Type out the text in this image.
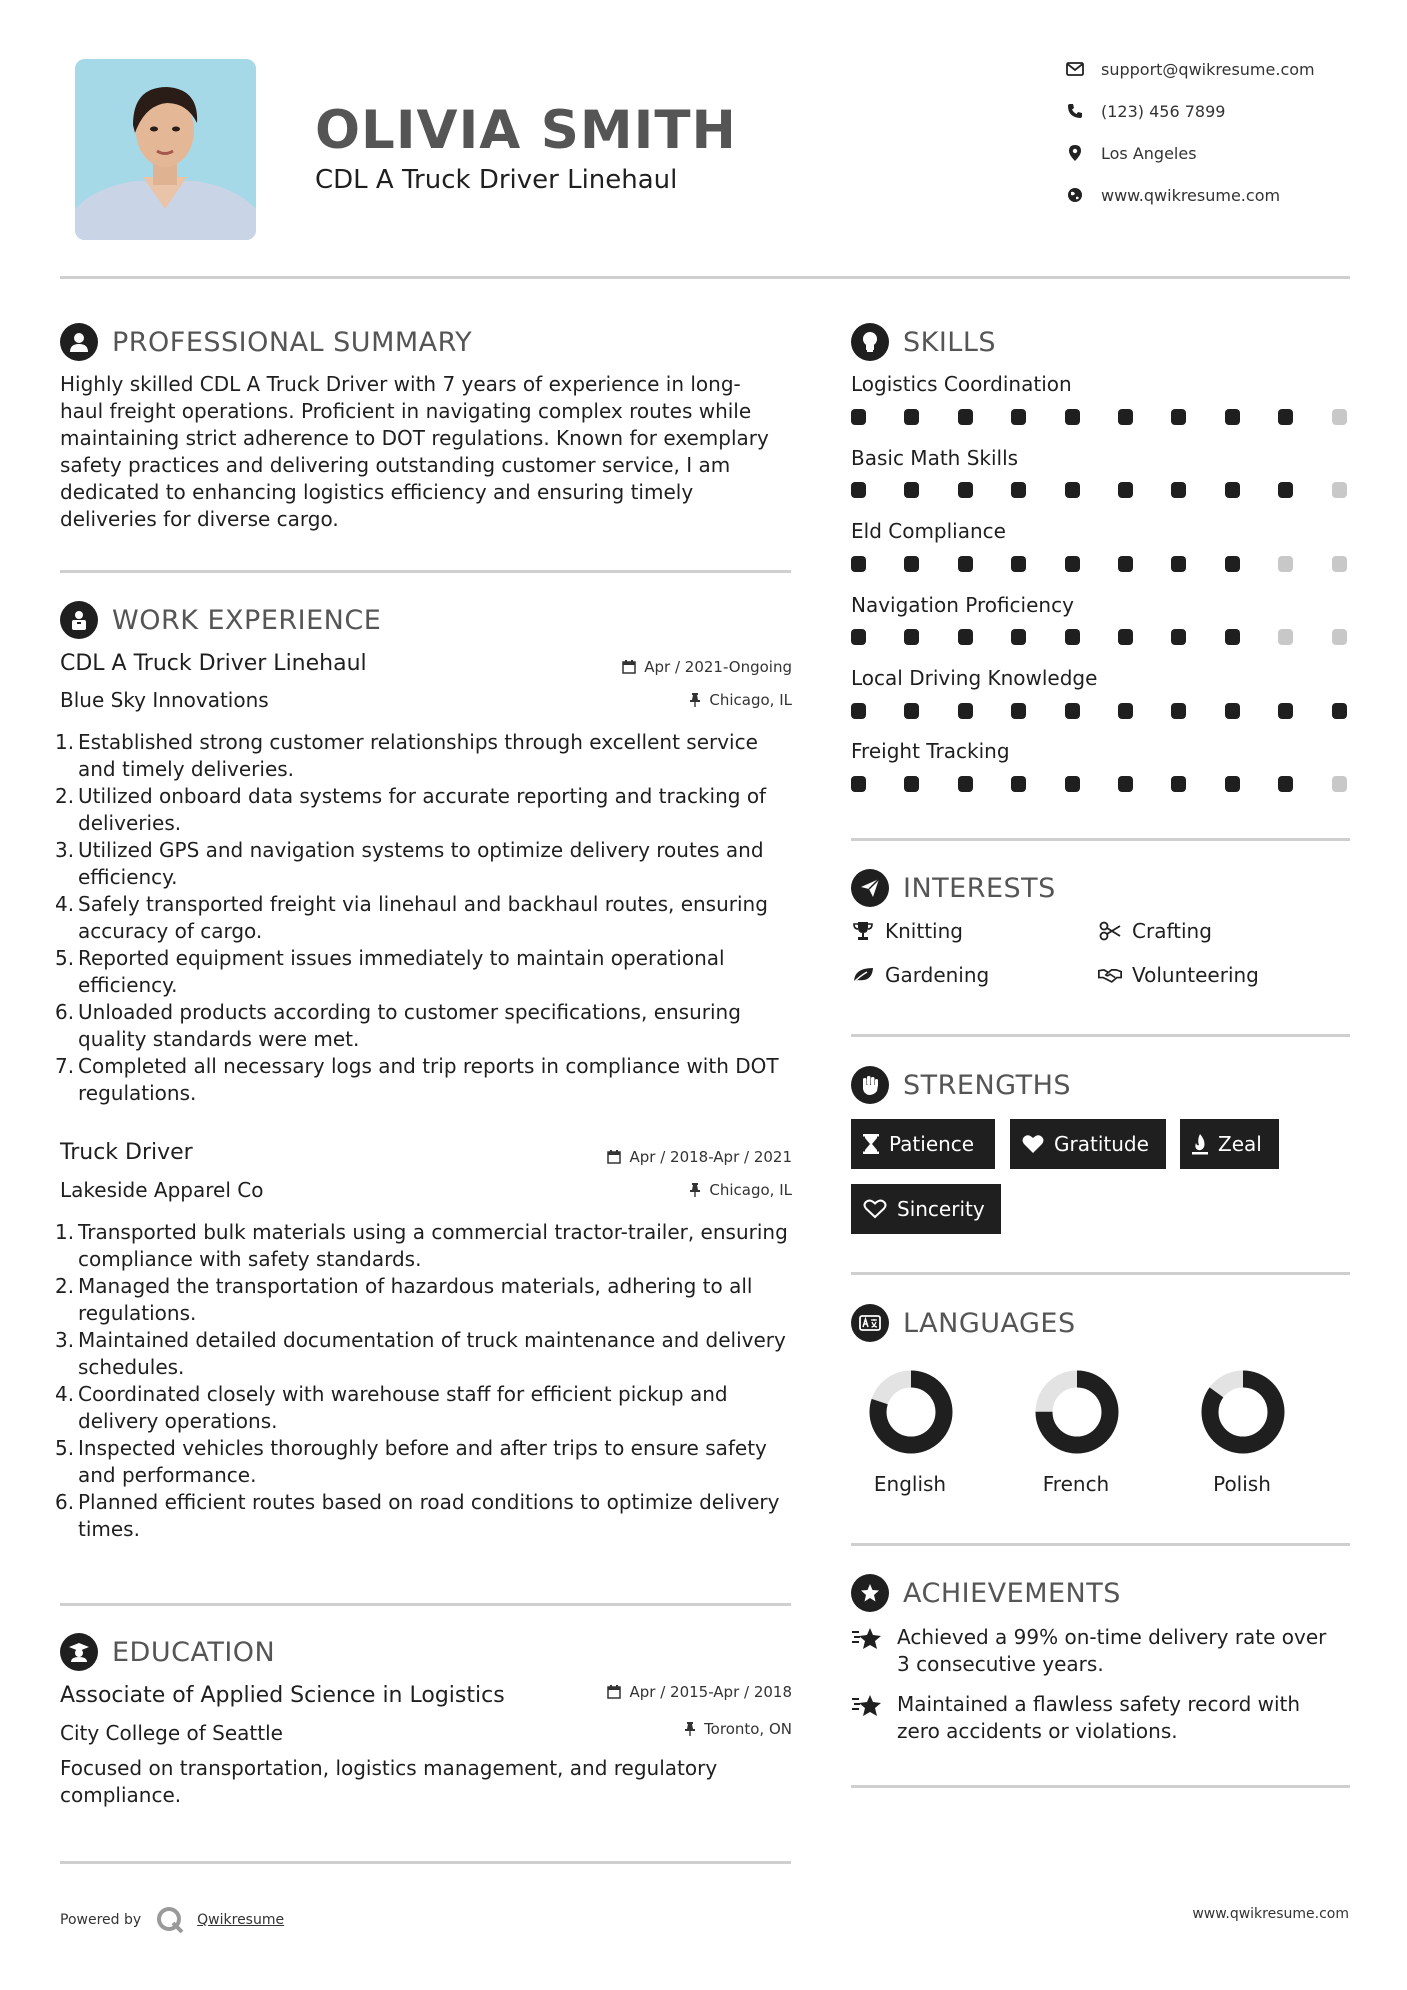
OLIVIA SMITH
CDL A Truck Driver Linehaul
support@qwikresume.com
(123) 456 7899
Los Angeles
www.qwikresume.com
PROFESSIONAL SUMMARY
Highly skilled CDL A Truck Driver with 7 years of experience in long-
haul freight operations. Proficient in navigating complex routes while
maintaining strict adherence to DOT regulations. Known for exemplary
safety practices and delivering outstanding customer service, I am
dedicated to enhancing logistics efficiency and ensuring timely
deliveries for diverse cargo.
WORK EXPERIENCE
CDL A Truck Driver Linehaul	Apr / 2021-Ongoing
Blue Sky Innovations	Chicago, IL
Established strong customer relationships through excellent service and timely deliveries.
Utilized onboard data systems for accurate reporting and tracking of deliveries.
Utilized GPS and navigation systems to optimize delivery routes and efficiency.
Safely transported freight via linehaul and backhaul routes, ensuring accuracy of cargo.
Reported equipment issues immediately to maintain operational efficiency.
Unloaded products according to customer specifications, ensuring quality standards were met.
Completed all necessary logs and trip reports in compliance with DOT regulations.
Truck Driver	Apr / 2018-Apr / 2021
Lakeside Apparel Co	Chicago, IL
Transported bulk materials using a commercial tractor-trailer, ensuring compliance with safety standards.
Managed the transportation of hazardous materials, adhering to all regulations.
Maintained detailed documentation of truck maintenance and delivery schedules.
Coordinated closely with warehouse staff for efficient pickup and delivery operations.
Inspected vehicles thoroughly before and after trips to ensure safety and performance.
Planned efficient routes based on road conditions to optimize delivery times.
EDUCATION
Associate of Applied Science in Logistics	Apr / 2015-Apr / 2018
City College of Seattle	Toronto, ON
Focused on transportation, logistics management, and regulatory
compliance.
SKILLS
Logistics Coordination
Basic Math Skills
Eld Compliance
Navigation Proficiency
Local Driving Knowledge
Freight Tracking
INTERESTS
Knitting	Crafting
Gardening	Volunteering
STRENGTHS
Patience	Gratitude	Zeal
Sincerity
LANGUAGES
English	French	Polish
ACHIEVEMENTS
Achieved a 99% on-time delivery rate over
3 consecutive years.
Maintained a flawless safety record with
zero accidents or violations.
Powered by	Qwikresume	www.qwikresume.com
